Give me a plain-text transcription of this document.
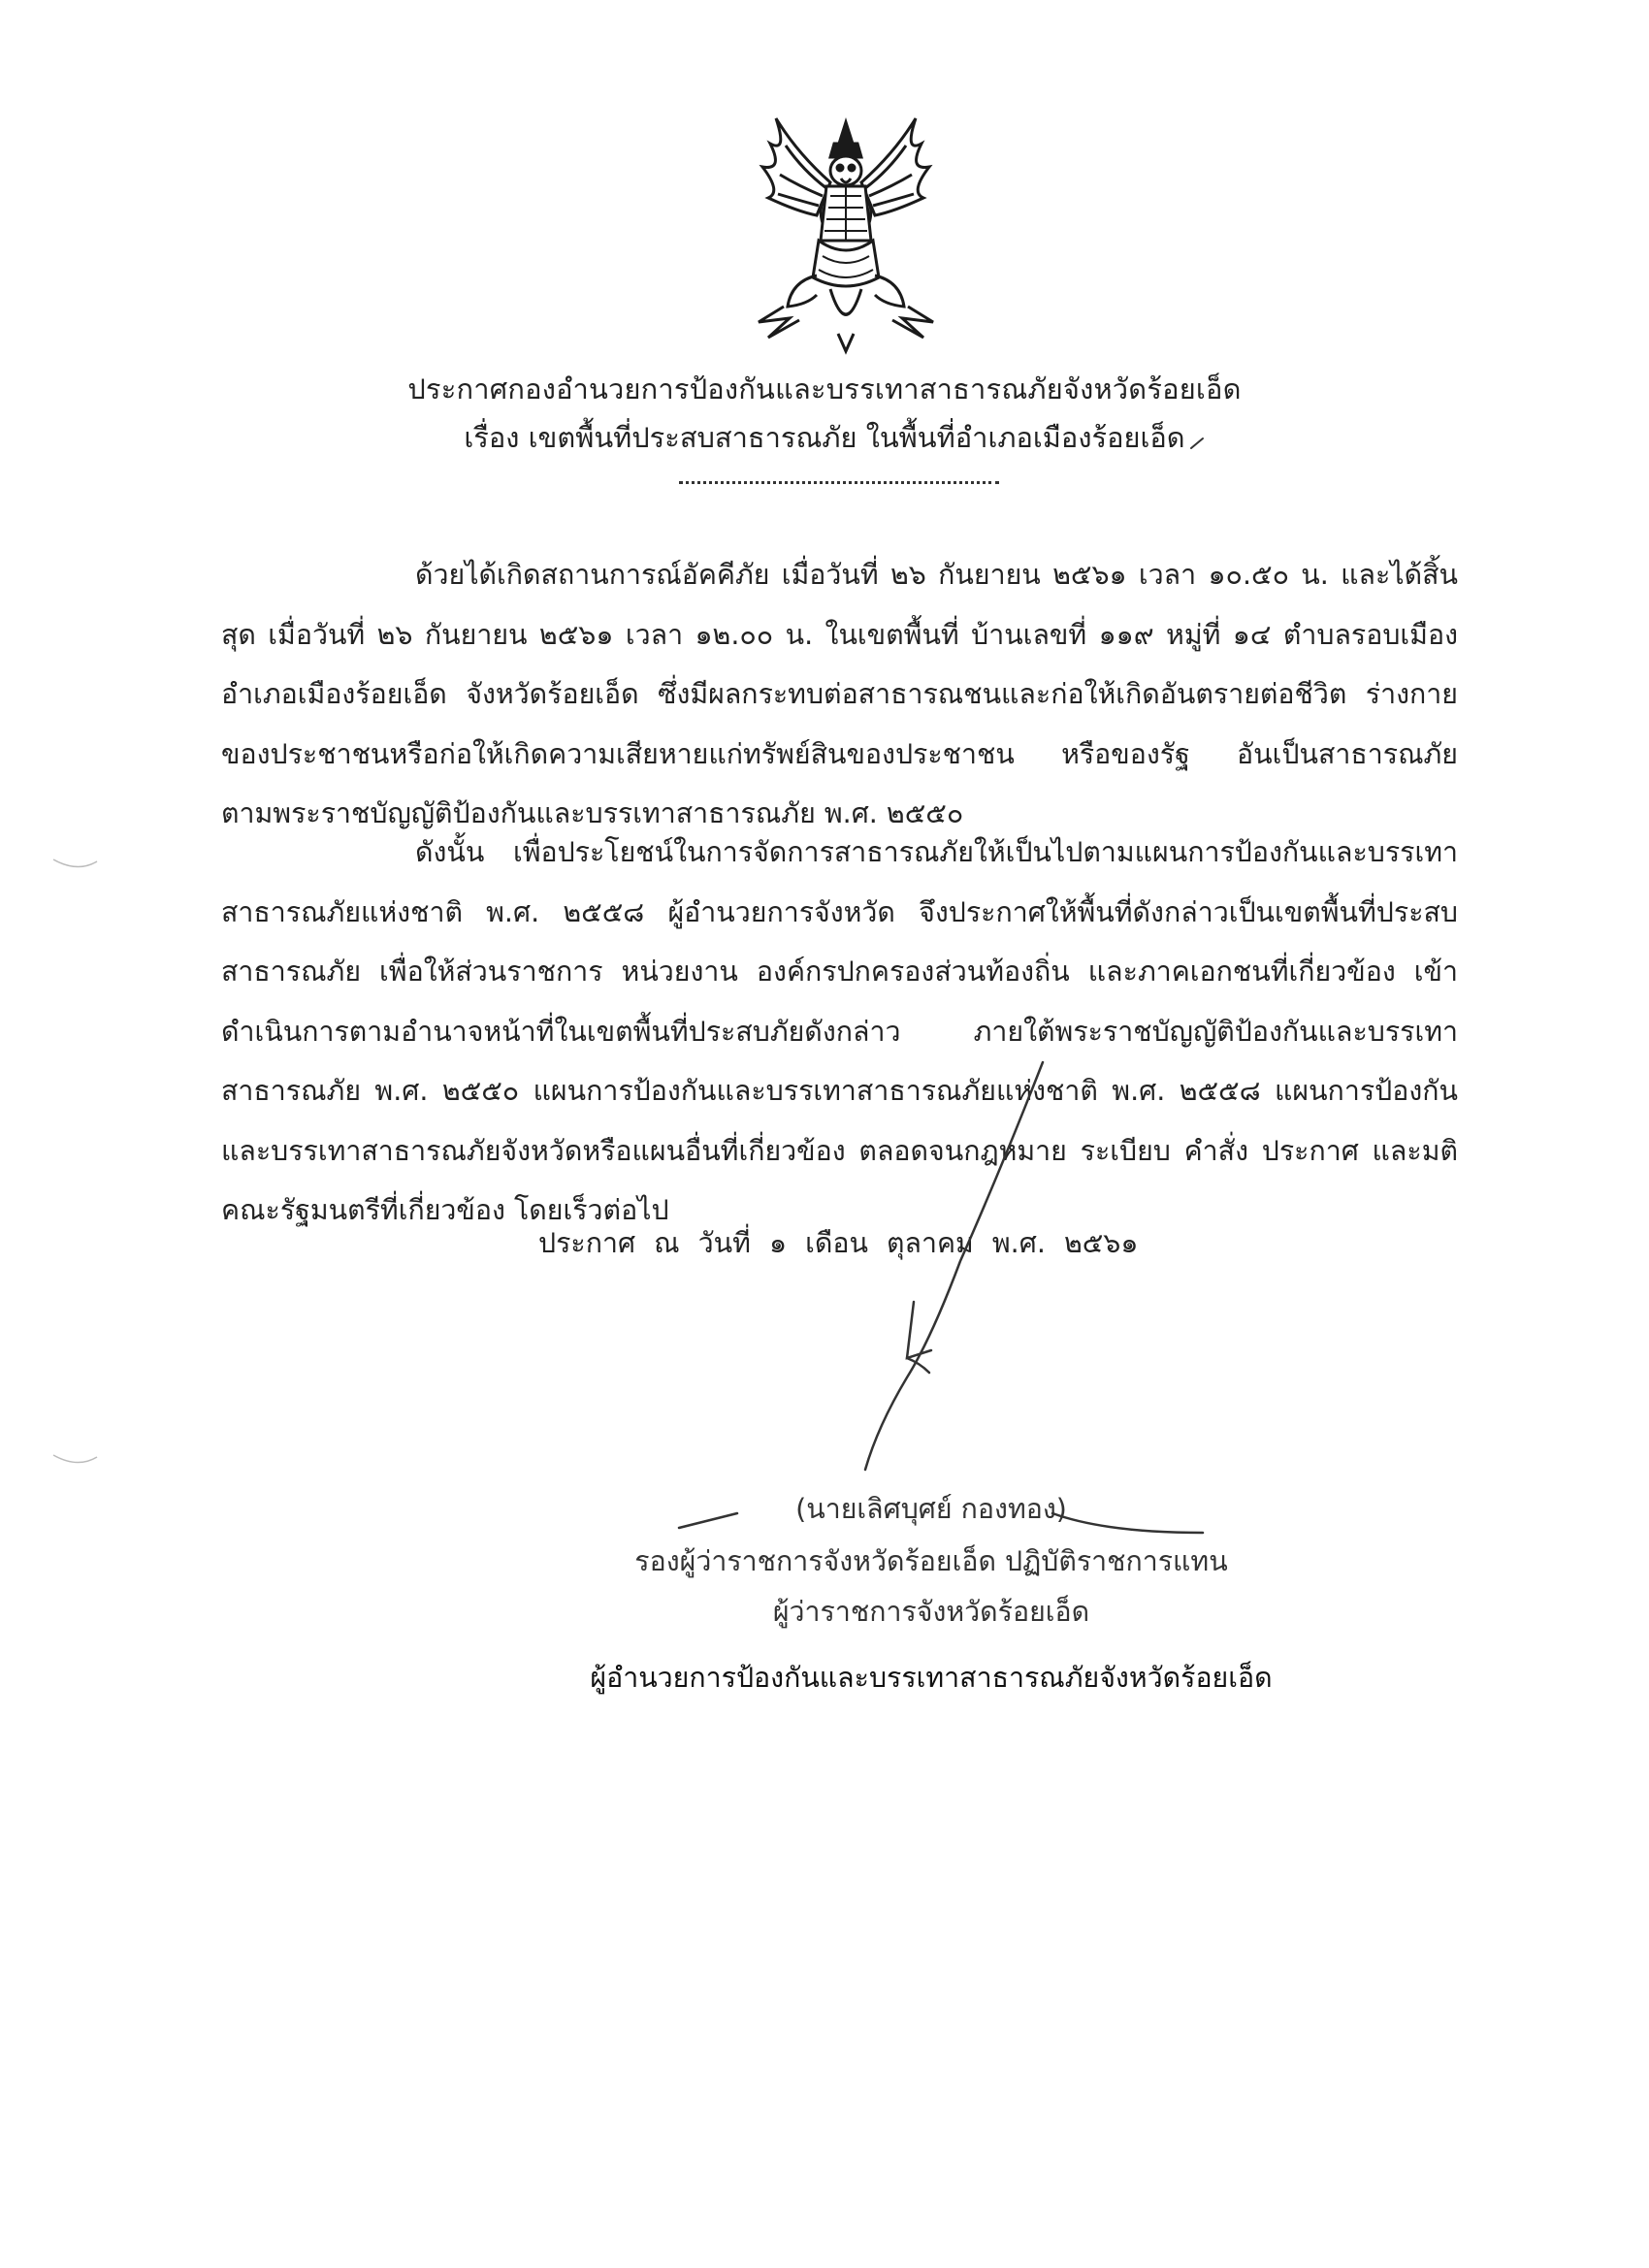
ประกาศกองอำนวยการป้องกันและบรรเทาสาธารณภัยจังหวัดร้อยเอ็ด
เรื่อง เขตพื้นที่ประสบสาธารณภัย ในพื้นที่อำเภอเมืองร้อยเอ็ด
ด้วยได้เกิดสถานการณ์อัคคีภัย เมื่อวันที่ ๒๖ กันยายน ๒๕๖๑ เวลา ๑๐.๕๐ น. และได้สิ้นสุด เมื่อวันที่ ๒๖ กันยายน ๒๕๖๑ เวลา ๑๒.๐๐ น. ในเขตพื้นที่ บ้านเลขที่ ๑๑๙ หมู่ที่ ๑๔ ตำบลรอบเมือง อำเภอเมืองร้อยเอ็ด จังหวัดร้อยเอ็ด ซึ่งมีผลกระทบต่อสาธารณชนและก่อให้เกิดอันตรายต่อชีวิต ร่างกายของประชาชนหรือก่อให้เกิดความเสียหายแก่ทรัพย์สินของประชาชน หรือของรัฐ อันเป็นสาธารณภัย ตามพระราชบัญญัติป้องกันและบรรเทาสาธารณภัย พ.ศ. ๒๕๕๐
ดังนั้น เพื่อประโยชน์ในการจัดการสาธารณภัยให้เป็นไปตามแผนการป้องกันและบรรเทาสาธารณภัยแห่งชาติ พ.ศ. ๒๕๕๘ ผู้อำนวยการจังหวัด จึงประกาศให้พื้นที่ดังกล่าวเป็นเขตพื้นที่ประสบสาธารณภัย เพื่อให้ส่วนราชการ หน่วยงาน องค์กรปกครองส่วนท้องถิ่น และภาคเอกชนที่เกี่ยวข้อง เข้าดำเนินการตามอำนาจหน้าที่ในเขตพื้นที่ประสบภัยดังกล่าว ภายใต้พระราชบัญญัติป้องกันและบรรเทาสาธารณภัย พ.ศ. ๒๕๕๐ แผนการป้องกันและบรรเทาสาธารณภัยแห่งชาติ พ.ศ. ๒๕๕๘ แผนการป้องกันและบรรเทาสาธารณภัยจังหวัดหรือแผนอื่นที่เกี่ยวข้อง ตลอดจนกฎหมาย ระเบียบ คำสั่ง ประกาศ และมติคณะรัฐมนตรีที่เกี่ยวข้อง โดยเร็วต่อไป
ประกาศ ณ วันที่ ๑ เดือน ตุลาคม พ.ศ. ๒๕๖๑
(นายเลิศบุศย์ กองทอง)
รองผู้ว่าราชการจังหวัดร้อยเอ็ด ปฏิบัติราชการแทน
ผู้ว่าราชการจังหวัดร้อยเอ็ด
ผู้อำนวยการป้องกันและบรรเทาสาธารณภัยจังหวัดร้อยเอ็ด
